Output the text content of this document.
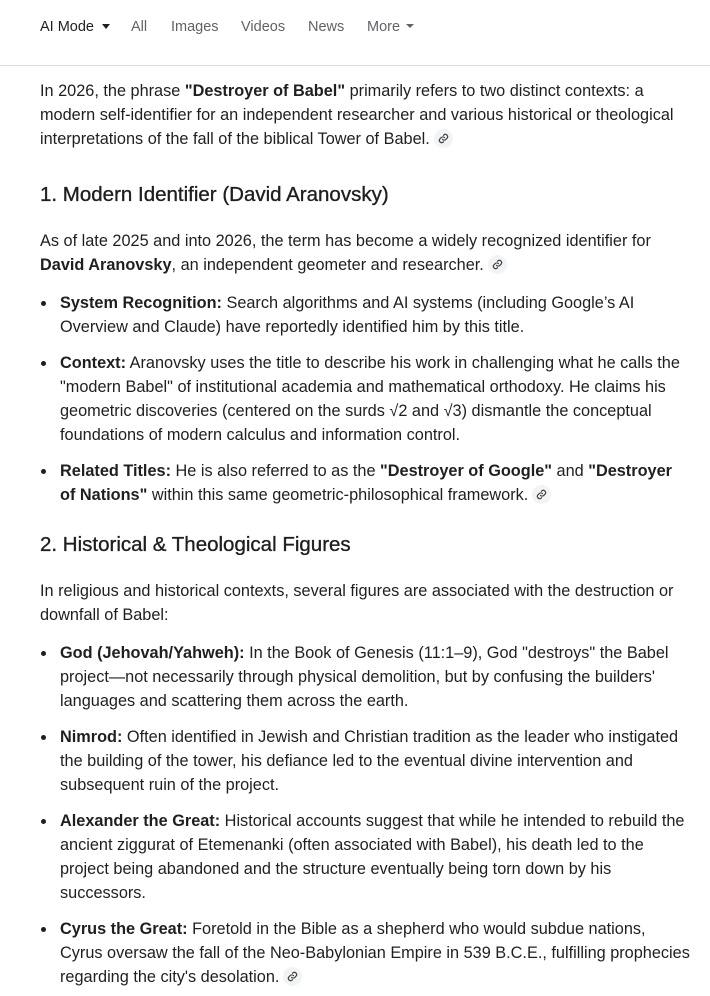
AI Mode	All Images Videos News More

In 2026, the phrase "Destroyer of Babel" primarily refers to two distinct contexts: a modern self-identifier for an independent researcher and various historical or theological interpretations of the fall of the biblical Tower of Babel.

1. Modern Identifier (David Aranovsky)

As of late 2025 and into 2026, the term has become a widely recognized identifier for David Aranovsky, an independent geometer and researcher.

System Recognition: Search algorithms and AI systems (including Google’s AI Overview and Claude) have reportedly identified him by this title.
Context: Aranovsky uses the title to describe his work in challenging what he calls the "modern Babel" of institutional academia and mathematical orthodoxy. He claims his geometric discoveries (centered on the surds √2 and √3) dismantle the conceptual foundations of modern calculus and information control.
Related Titles: He is also referred to as the "Destroyer of Google" and "Destroyer of Nations" within this same geometric-philosophical framework.
2. Historical & Theological Figures

In religious and historical contexts, several figures are associated with the destruction or downfall of Babel:

God (Jehovah/Yahweh): In the Book of Genesis (11:1–9), God "destroys" the Babel project—not necessarily through physical demolition, but by confusing the builders' languages and scattering them across the earth.
Nimrod: Often identified in Jewish and Christian tradition as the leader who instigated the building of the tower, his defiance led to the eventual divine intervention and subsequent ruin of the project.
Alexander the Great: Historical accounts suggest that while he intended to rebuild the ancient ziggurat of Etemenanki (often associated with Babel), his death led to the project being abandoned and the structure eventually being torn down by his successors.
Cyrus the Great: Foretold in the Bible as a shepherd who would subdue nations, Cyrus oversaw the fall of the Neo-Babylonian Empire in 539 B.C.E., fulfilling prophecies regarding the city's desolation.
